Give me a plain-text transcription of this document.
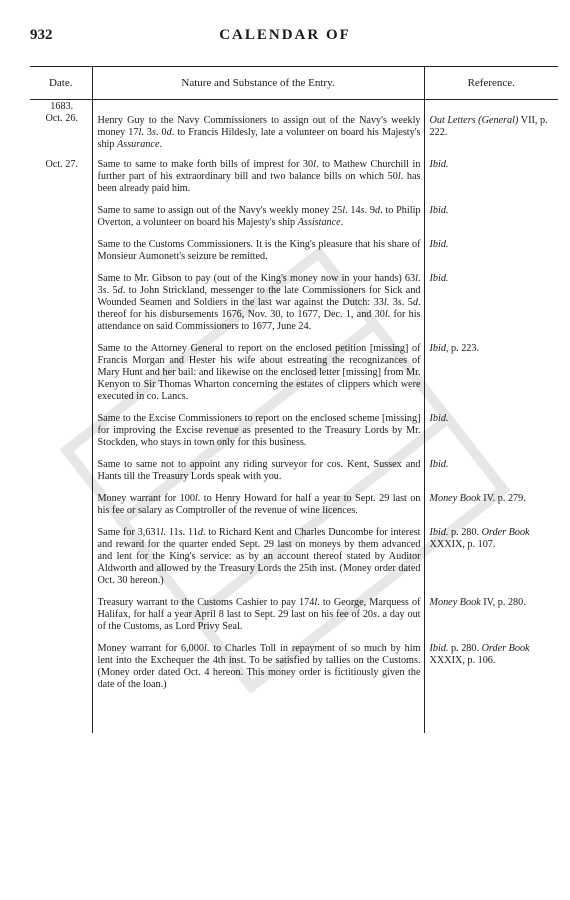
932	CALENDAR OF
Date.	Nature and Substance of the Entry.	Reference.

1683.
Oct. 26.	Henry Guy to the Navy Commissioners to assign out of the Navy's weekly money 17l. 3s. 0d. to Francis Hildesly, late a volunteer on board his Majesty's ship Assurance.	Out Letters (General) VII, p. 222.

Oct. 27.	Same to same to make forth bills of imprest for 30l. to Mathew Churchill in further part of his extraordinary bill and two balance bills on which 50l. has been already paid him.	Ibid.
	Same to same to assign out of the Navy's weekly money 25l. 14s. 9d. to Philip Overton, a volunteer on board his Majesty's ship Assistance.	Ibid.
	Same to the Customs Commissioners. It is the King's pleasure that his share of Monsieur Aumonett's seizure be remitted.	Ibid.
	Same to Mr. Gibson to pay (out of the King's money now in your hands) 63l. 3s. 5d. to John Strickland, messenger to the late Commissioners for Sick and Wounded Seamen and Soldiers in the last war against the Dutch: 33l. 3s. 5d. thereof for his disbursements 1676, Nov. 30, to 1677, Dec. 1, and 30l. for his attendance on said Commissioners to 1677, June 24.	Ibid.
	Same to the Attorney General to report on the enclosed petition [missing] of Francis Morgan and Hester his wife about estreating the recognizances of Mary Hunt and her bail: and likewise on the enclosed letter [missing] from Mr. Kenyon to Sir Thomas Wharton concerning the estates of clippers which were executed in co. Lancs.	Ibid, p. 223.
	Same to the Excise Commissioners to report on the enclosed scheme [missing] for improving the Excise revenue as presented to the Treasury Lords by Mr. Stockden, who stays in town only for this business.	Ibid.
	Same to same not to appoint any riding surveyor for cos. Kent, Sussex and Hants till the Treasury Lords speak with you.	Ibid.
	Money warrant for 100l. to Henry Howard for half a year to Sept. 29 last on his fee or salary as Comptroller of the revenue of wine licences.	Money Book IV. p. 279.
	Same for 3,631l. 11s. 11d. to Richard Kent and Charles Duncombe for interest and reward for the quarter ended Sept. 29 last on moneys by them advanced and lent for the King's service: as by an account thereof stated by Auditor Aldworth and allowed by the Treasury Lords the 25th inst. (Money order dated Oct. 30 hereon.)	Ibid. p. 280. Order Book XXXIX, p. 107.
	Treasury warrant to the Customs Cashier to pay 174l. to George, Marquess of Halifax, for half a year April 8 last to Sept. 29 last on his fee of 20s. a day out of the Customs, as Lord Privy Seal.	Money Book IV, p. 280.
	Money warrant for 6,000l. to Charles Toll in repayment of so much by him lent into the Exchequer the 4th inst. To be satisfied by tallies on the Customs. (Money order dated Oct. 4 hereon. This money order is fictitiously given the date of the loan.)	Ibid. p. 280. Order Book XXXIX, p. 106.
